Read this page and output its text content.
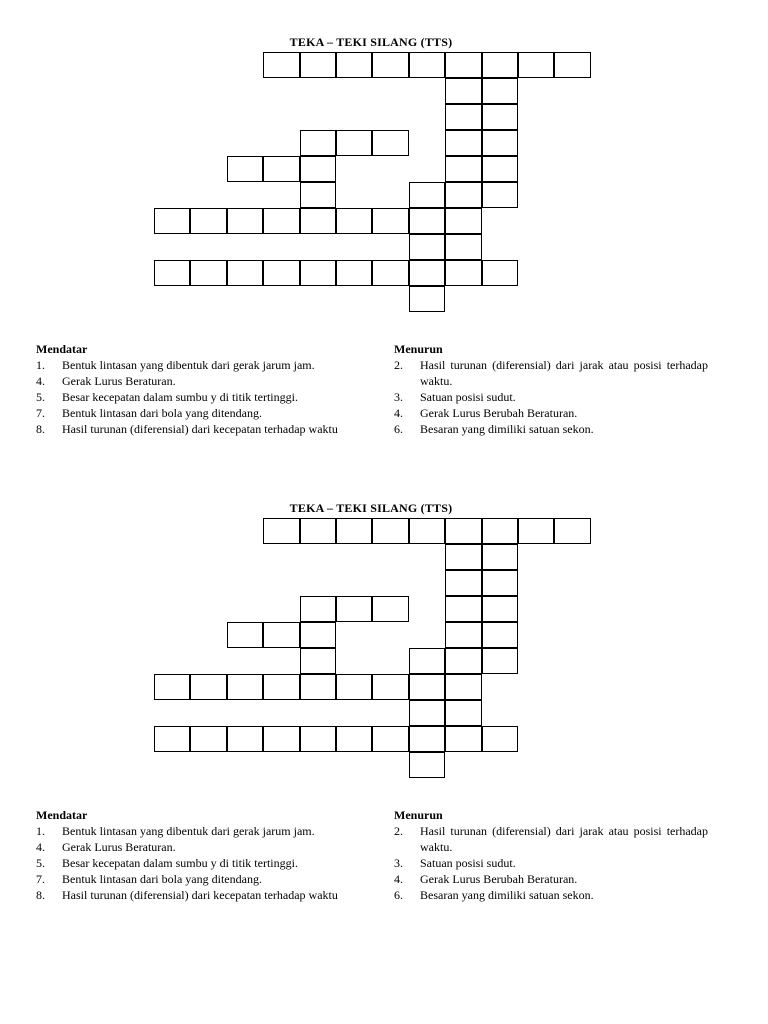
TEKA – TEKI SILANG (TTS)
Mendatar
1.	Bentuk lintasan yang dibentuk dari gerak jarum jam.
4.	Gerak Lurus Beraturan.
5.	Besar kecepatan dalam sumbu y di titik tertinggi.
7.	Bentuk lintasan dari bola yang ditendang.
8.	Hasil turunan (diferensial) dari kecepatan terhadap waktu
Menurun
2.	Hasil turunan (diferensial) dari jarak atau posisi terhadap waktu.
3.	Satuan posisi sudut.
4.	Gerak Lurus Berubah Beraturan.
6.	Besaran yang dimiliki satuan sekon.
TEKA – TEKI SILANG (TTS)
Mendatar
1.	Bentuk lintasan yang dibentuk dari gerak jarum jam.
4.	Gerak Lurus Beraturan.
5.	Besar kecepatan dalam sumbu y di titik tertinggi.
7.	Bentuk lintasan dari bola yang ditendang.
8.	Hasil turunan (diferensial) dari kecepatan terhadap waktu
Menurun
2.	Hasil turunan (diferensial) dari jarak atau posisi terhadap waktu.
3.	Satuan posisi sudut.
4.	Gerak Lurus Berubah Beraturan.
6.	Besaran yang dimiliki satuan sekon.
